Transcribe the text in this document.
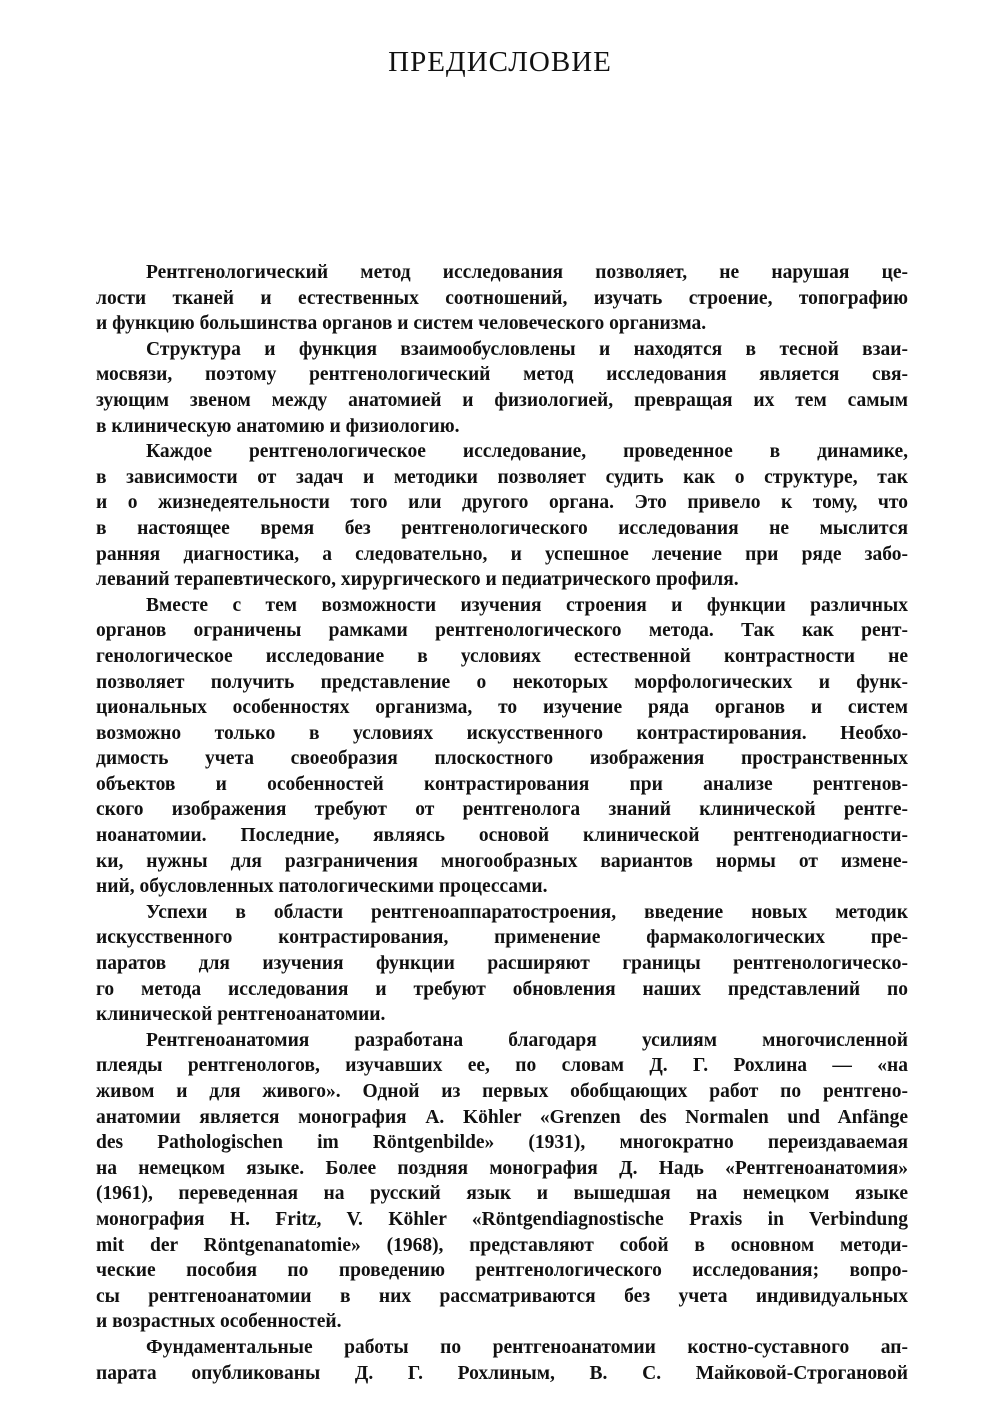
ПРЕДИСЛОВИЕ
Рентгенологический метод исследования позволяет, не нарушая це-
лости тканей и естественных соотношений, изучать строение, топографию
и функцию большинства органов и систем человеческого организма.
Структура и функция взаимообусловлены и находятся в тесной взаи-
мосвязи, поэтому рентгенологический метод исследования является свя-
зующим звеном между анатомией и физиологией, превращая их тем самым
в клиническую анатомию и физиологию.
Каждое рентгенологическое исследование, проведенное в динамике,
в зависимости от задач и методики позволяет судить как о структуре, так
и о жизнедеятельности того или другого органа. Это привело к тому, что
в настоящее время без рентгенологического исследования не мыслится
ранняя диагностика, а следовательно, и успешное лечение при ряде забо-
леваний терапевтического, хирургического и педиатрического профиля.
Вместе с тем возможности изучения строения и функции различных
органов ограничены рамками рентгенологического метода. Так как рент-
генологическое исследование в условиях естественной контрастности не
позволяет получить представление о некоторых морфологических и функ-
циональных особенностях организма, то изучение ряда органов и систем
возможно только в условиях искусственного контрастирования. Необхо-
димость учета своеобразия плоскостного изображения пространственных
объектов и особенностей контрастирования при анализе рентгенов-
ского изображения требуют от рентгенолога знаний клинической рентге-
ноанатомии. Последние, являясь основой клинической рентгенодиагности-
ки, нужны для разграничения многообразных вариантов нормы от измене-
ний, обусловленных патологическими процессами.
Успехи в области рентгеноаппаратостроения, введение новых методик
искусственного контрастирования, применение фармакологических пре-
паратов для изучения функции расширяют границы рентгенологическо-
го метода исследования и требуют обновления наших представлений по
клинической рентгеноанатомии.
Рентгеноанатомия разработана благодаря усилиям многочисленной
плеяды рентгенологов, изучавших ее, по словам Д. Г. Рохлина — «на
живом и для живого». Одной из первых обобщающих работ по рентгено-
анатомии является монография A. Köhler «Grenzen des Normalen und Anfänge
des Pathologischen im Röntgenbilde» (1931), многократно переиздаваемая
на немецком языке. Более поздняя монография Д. Надь «Рентгеноанатомия»
(1961), переведенная на русский язык и вышедшая на немецком языке
монография H. Fritz, V. Köhler «Röntgendiagnostische Praxis in Verbindung
mit der Röntgenanatomie» (1968), представляют собой в основном методи-
ческие пособия по проведению рентгенологического исследования; вопро-
сы рентгеноанатомии в них рассматриваются без учета индивидуальных
и возрастных особенностей.
Фундаментальные работы по рентгеноанатомии костно-суставного ап-
парата опубликованы Д. Г. Рохлиным, В. С. Майковой-Строгановой
